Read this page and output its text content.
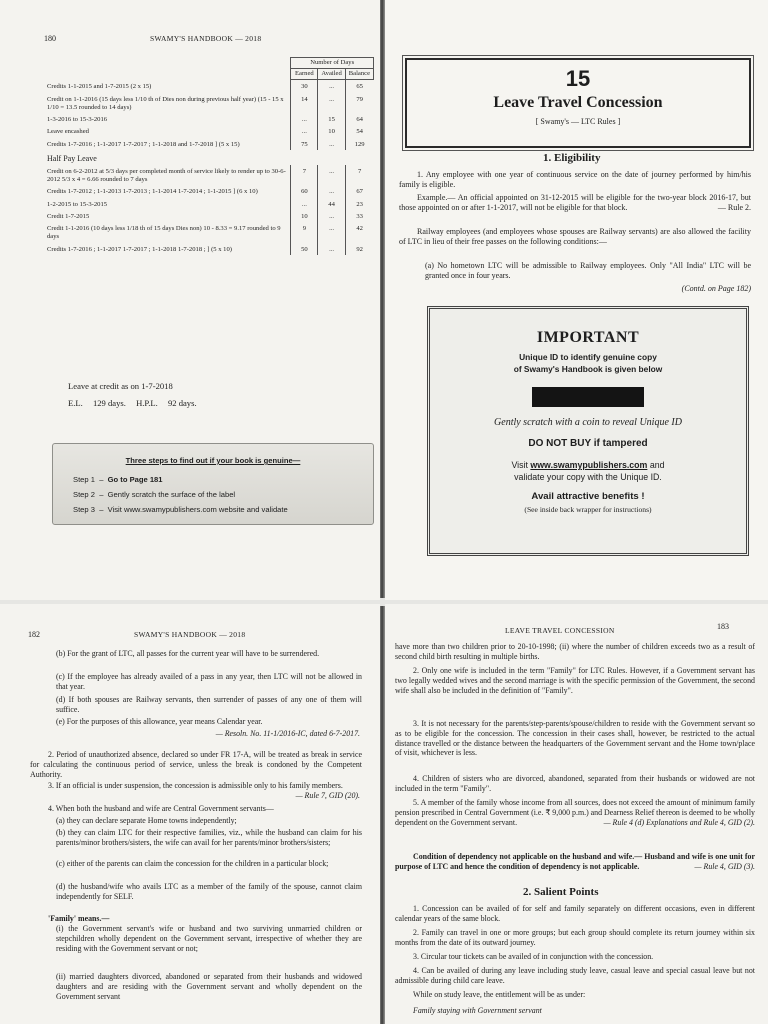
180	SWAMY'S HANDBOOK — 2018
	Number of Days		
	Earned	Availed	Balance
Credits 1-1-2015 and 1-7-2015 (2 x 15)	30	...	65
Credit on 1-1-2016 (15 days less 1/10 th of Dies non during previous half year) (15 - 15 x 1/10 = 13.5 rounded to 14 days)	14	...	79
1-3-2016 to 15-3-2016	...	15	64
Leave encashed	...	10	54
Credits 1-7-2016 ; 1-1-2017 1-7-2017 ; 1-1-2018 and 1-7-2018 ] (5 x 15)	75	...	129
Half Pay Leave			
Credit on 6-2-2012 at 5/3 days per completed month of service likely to render up to 30-6-2012 5/3 x 4 = 6.66 rounded to 7 days	7	...	7
Credits 1-7-2012 ; 1-1-2013 1-7-2013 ; 1-1-2014 1-7-2014 ; 1-1-2015 ] (6 x 10)	60	...	67
1-2-2015 to 15-3-2015	...	44	23
Credit 1-7-2015	10	...	33
Credit 1-1-2016 (10 days less 1/18 th of 15 days Dies non) 10 - 8.33 = 9.17 rounded to 9 days	9	...	42
Credits 1-7-2016 ; 1-1-2017 1-7-2017 ; 1-1-2018 1-7-2018 ; ] (5 x 10)	50	...	92
Leave at credit as on 1-7-2018
E.L. 129 days. H.P.L. 92 days.
Three steps to find out if your book is genuine—
Step 1  –  Go to Page 181
Step 2  –  Gently scratch the surface of the label
Step 3  –  Visit www.swamypublishers.com website and validate
15
Leave Travel Concession
[ Swamy's — LTC Rules ]
1. Eligibility
1. Any employee with one year of continuous service on the date of journey performed by him/his family is eligible.
Example.— An official appointed on 31-12-2015 will be eligible for the two-year block 2016-17, but those appointed on or after 1-1-2017, will not be eligible for that block.	— Rule 2.
Railway employees (and employees whose spouses are Railway servants) are also allowed the facility of LTC in lieu of their free passes on the following conditions:—
(a) No hometown LTC will be admissible to Railway employees. Only "All India" LTC will be granted once in four years.
(Contd. on Page 182)
IMPORTANT
Unique ID to identify genuine copy
of Swamy's Handbook is given below
Gently scratch with a coin to reveal Unique ID
DO NOT BUY if tampered
Visit www.swamypublishers.com and
validate your copy with the Unique ID.
Avail attractive benefits !
(See inside back wrapper for instructions)
182	SWAMY'S HANDBOOK — 2018
(b) For the grant of LTC, all passes for the current year will have to be surrendered.
(c) If the employee has already availed of a pass in any year, then LTC will not be allowed in that year.
(d) If both spouses are Railway servants, then surrender of passes of any one of them will suffice.
(e) For the purposes of this allowance, year means Calendar year.
— Resoln. No. 11-1/2016-IC, dated 6-7-2017.
2. Period of unauthorized absence, declared so under FR 17-A, will be treated as break in service for calculating the continuous period of service, unless the break is condoned by the Competent Authority.
3. If an official is under suspension, the concession is admissible only to his family members.
— Rule 7, GID (20).
4. When both the husband and wife are Central Government servants—
(a) they can declare separate Home towns independently;
(b) they can claim LTC for their respective families, viz., while the husband can claim for his parents/minor brothers/sisters, the wife can avail for her parents/minor brothers/sisters;
(c) either of the parents can claim the concession for the children in a particular block;
(d) the husband/wife who avails LTC as a member of the family of the spouse, cannot claim independently for SELF.
'Family' means.—
(i) the Government servant's wife or husband and two surviving unmarried children or stepchildren wholly dependent on the Government servant, irrespective of whether they are residing with the Government servant or not;
(ii) married daughters divorced, abandoned or separated from their husbands and widowed daughters and are residing with the Government servant and wholly dependent on the Government servant
LEAVE TRAVEL CONCESSION	183
have more than two children prior to 20-10-1998; (ii) where the number of children exceeds two as a result of second child birth resulting in multiple births.
2. Only one wife is included in the term "Family" for LTC Rules. However, if a Government servant has two legally wedded wives and the second marriage is with the specific permission of the Government, the second wife shall also be included in the definition of "Family".
3. It is not necessary for the parents/step-parents/spouse/children to reside with the Government servant so as to be eligible for the concession. The concession in their cases shall, however, be restricted to the actual distance travelled or the distance between the headquarters of the Government servant and the Home town/place of visit, whichever is less.
4. Children of sisters who are divorced, abandoned, separated from their husbands or widowed are not included in the term "Family".
5. A member of the family whose income from all sources, does not exceed the amount of minimum family pension prescribed in Central Government (i.e. ₹ 9,000 p.m.) and Dearness Relief thereon is deemed to be wholly dependent on the Government servant.	— Rule 4 (d) Explanations and Rule 4, GID (2).
Condition of dependency not applicable on the husband and wife.— Husband and wife is one unit for purpose of LTC and hence the condition of dependency is not applicable.	— Rule 4, GID (3).
2. Salient Points
1. Concession can be availed of for self and family separately on different occasions, even in different calendar years of the same block.
2. Family can travel in one or more groups; but each group should complete its return journey within six months from the date of its outward journey.
3. Circular tour tickets can be availed of in conjunction with the concession.
4. Can be availed of during any leave including study leave, casual leave and special casual leave but not admissible during child care leave.
While on study leave, the entitlement will be as under:
Family staying with Government servant
